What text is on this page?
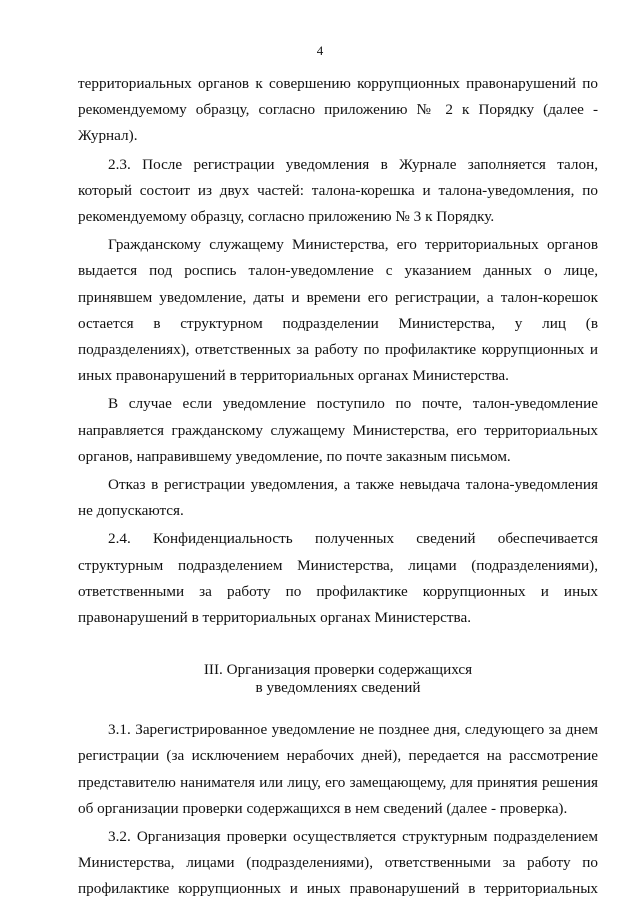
4

территориальных органов к совершению коррупционных правонарушений по рекомендуемому образцу, согласно приложению № 2 к Порядку (далее - Журнал).

2.3. После регистрации уведомления в Журнале заполняется талон, который состоит из двух частей: талона-корешка и талона-уведомления, по рекомендуемому образцу, согласно приложению № 3 к Порядку.

Гражданскому служащему Министерства, его территориальных органов выдается под роспись талон-уведомление с указанием данных о лице, принявшем уведомление, даты и времени его регистрации, а талон-корешок остается в структурном подразделении Министерства, у лиц (в подразделениях), ответственных за работу по профилактике коррупционных и иных правонарушений в территориальных органах Министерства.

В случае если уведомление поступило по почте, талон-уведомление направляется гражданскому служащему Министерства, его территориальных органов, направившему уведомление, по почте заказным письмом.

Отказ в регистрации уведомления, а также невыдача талона-уведомления не допускаются.

2.4. Конфиденциальность полученных сведений обеспечивается структурным подразделением Министерства, лицами (подразделениями), ответственными за работу по профилактике коррупционных и иных правонарушений в территориальных органах Министерства.

III. Организация проверки содержащихся
в уведомлениях сведений

3.1. Зарегистрированное уведомление не позднее дня, следующего за днем регистрации (за исключением нерабочих дней), передается на рассмотрение представителю нанимателя или лицу, его замещающему, для принятия решения об организации проверки содержащихся в нем сведений (далее - проверка).

3.2. Организация проверки осуществляется структурным подразделением Министерства, лицами (подразделениями), ответственными за работу по профилактике коррупционных и иных правонарушений в территориальных
